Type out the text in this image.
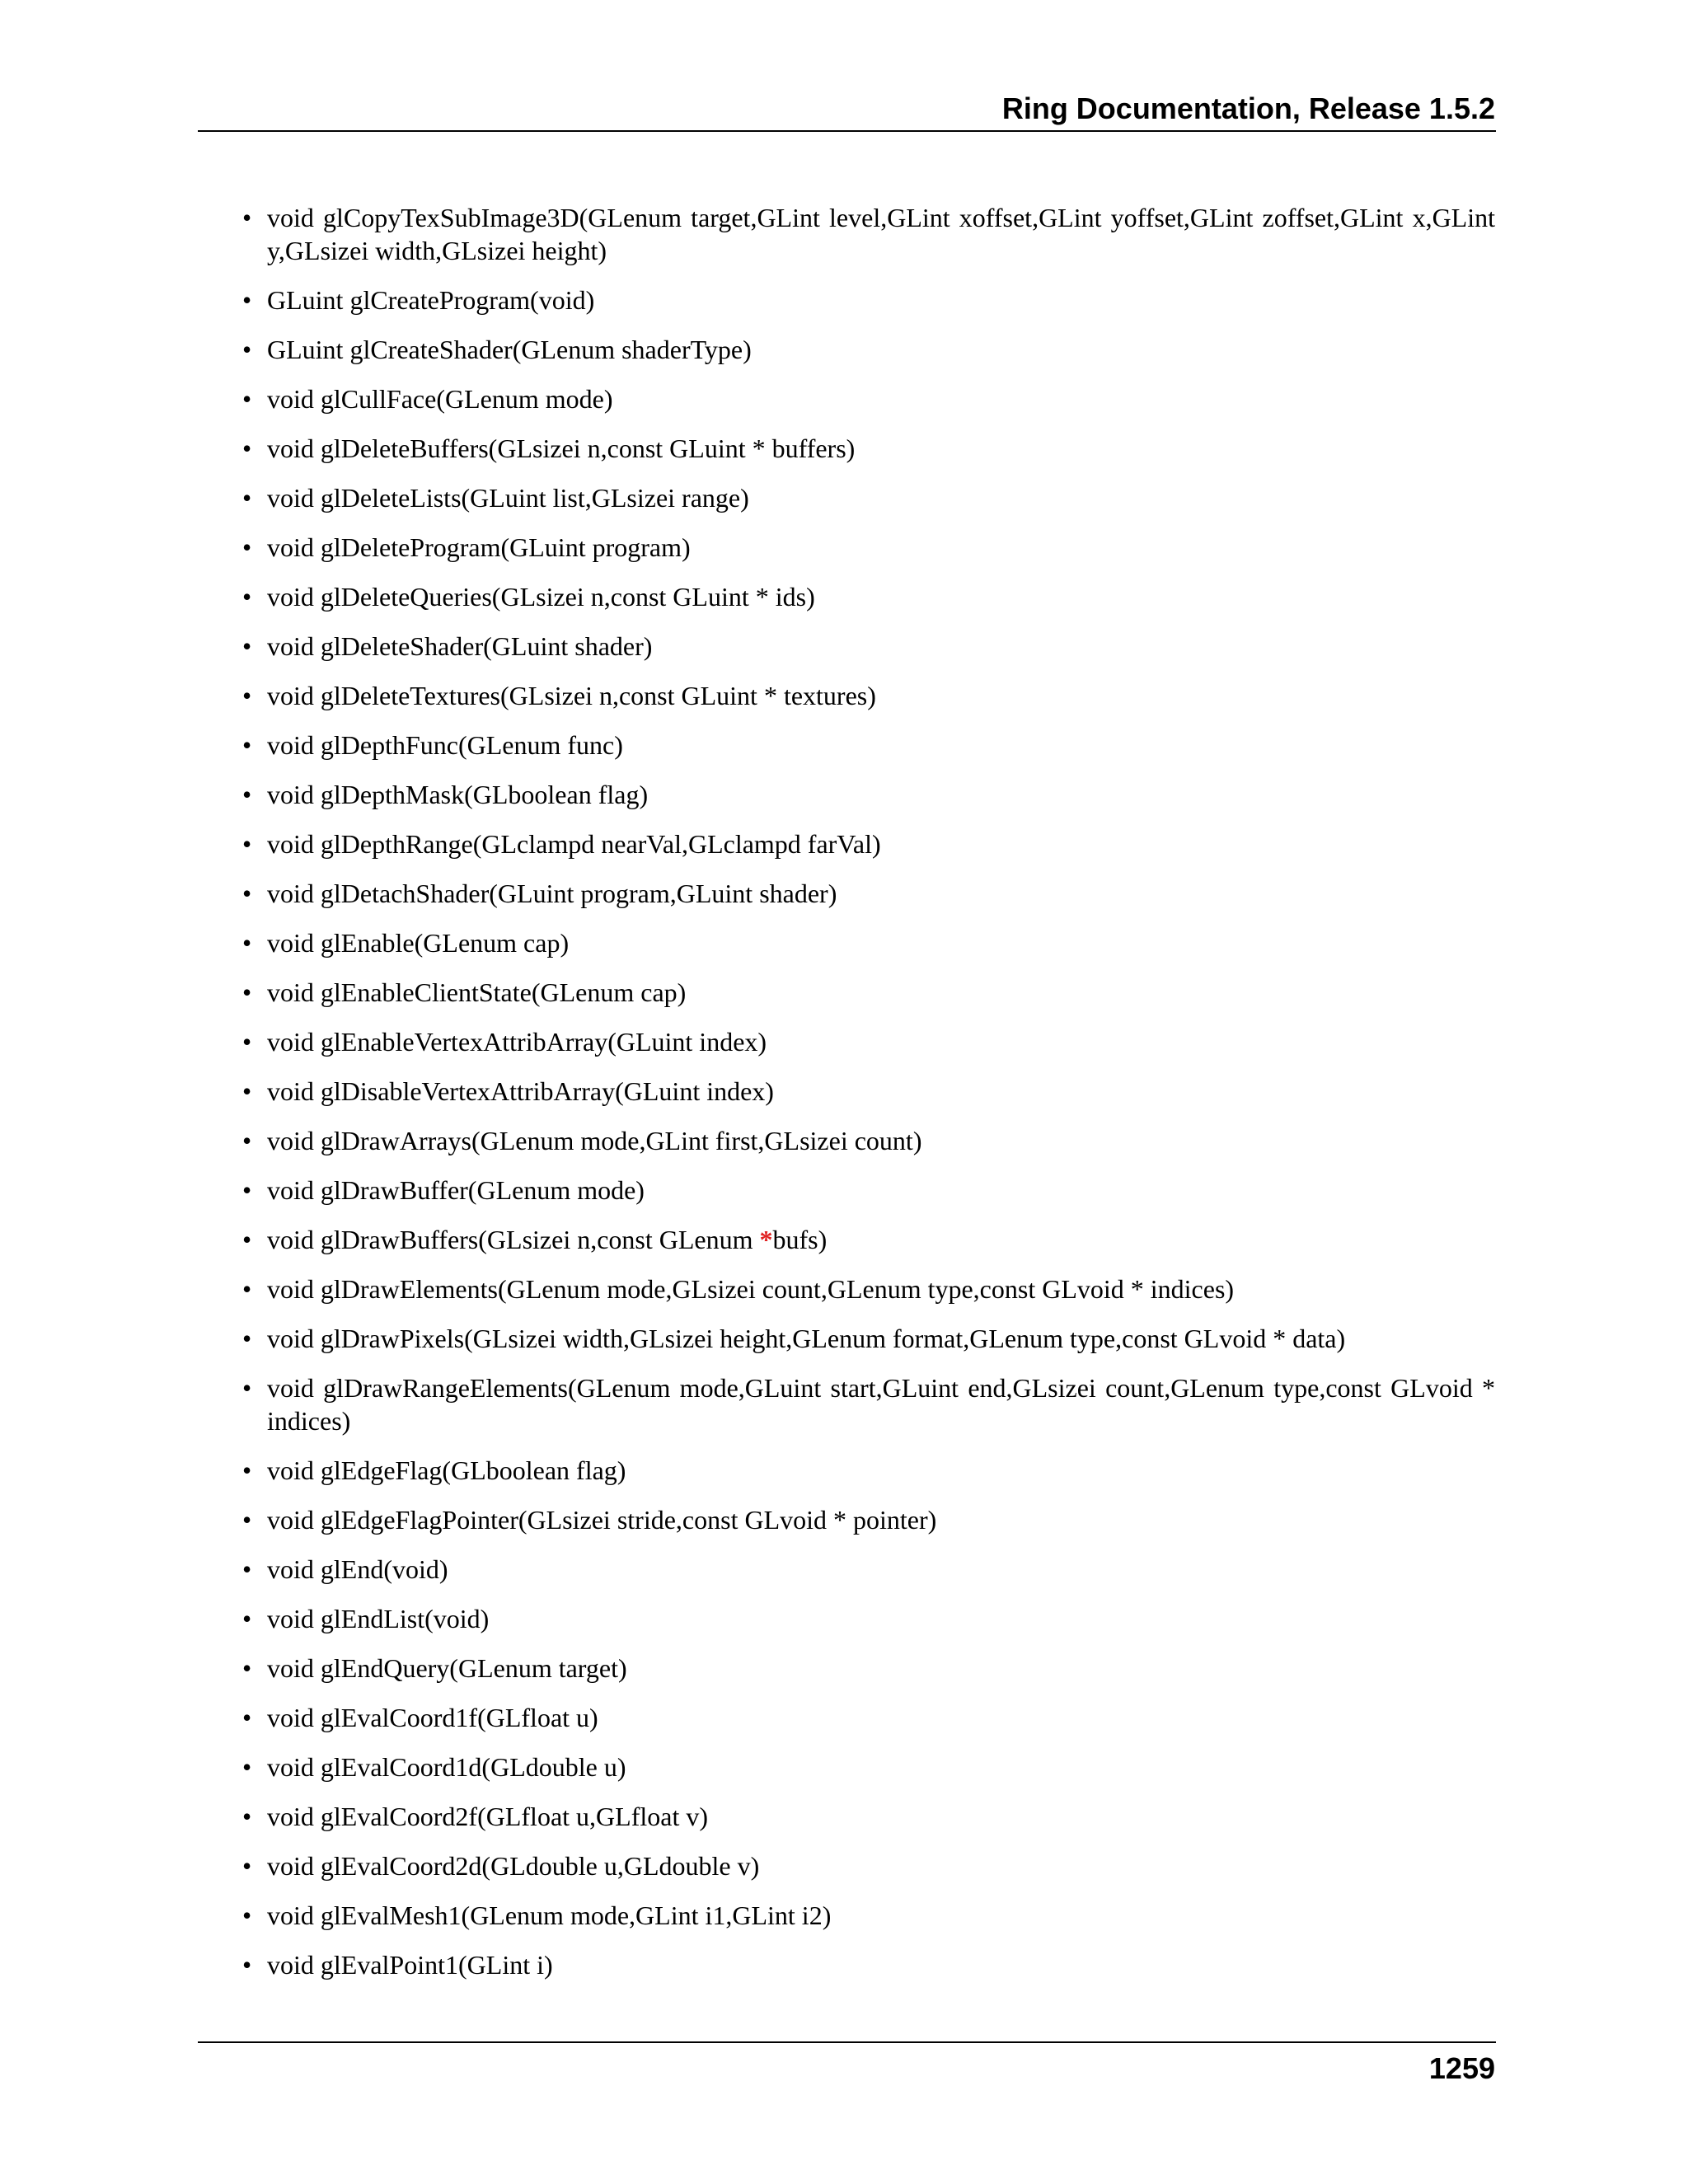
Ring Documentation, Release 1.5.2
• void glCopyTexSubImage3D(GLenum target,GLint level,GLint xoffset,GLint yoffset,GLint zoffset,GLint x,GLint y,GLsizei width,GLsizei height)
• GLuint glCreateProgram(void)
• GLuint glCreateShader(GLenum shaderType)
• void glCullFace(GLenum mode)
• void glDeleteBuffers(GLsizei n,const GLuint * buffers)
• void glDeleteLists(GLuint list,GLsizei range)
• void glDeleteProgram(GLuint program)
• void glDeleteQueries(GLsizei n,const GLuint * ids)
• void glDeleteShader(GLuint shader)
• void glDeleteTextures(GLsizei n,const GLuint * textures)
• void glDepthFunc(GLenum func)
• void glDepthMask(GLboolean flag)
• void glDepthRange(GLclampd nearVal,GLclampd farVal)
• void glDetachShader(GLuint program,GLuint shader)
• void glEnable(GLenum cap)
• void glEnableClientState(GLenum cap)
• void glEnableVertexAttribArray(GLuint index)
• void glDisableVertexAttribArray(GLuint index)
• void glDrawArrays(GLenum mode,GLint first,GLsizei count)
• void glDrawBuffer(GLenum mode)
• void glDrawBuffers(GLsizei n,const GLenum *bufs)
• void glDrawElements(GLenum mode,GLsizei count,GLenum type,const GLvoid * indices)
• void glDrawPixels(GLsizei width,GLsizei height,GLenum format,GLenum type,const GLvoid * data)
• void glDrawRangeElements(GLenum mode,GLuint start,GLuint end,GLsizei count,GLenum type,const GLvoid * indices)
• void glEdgeFlag(GLboolean flag)
• void glEdgeFlagPointer(GLsizei stride,const GLvoid * pointer)
• void glEnd(void)
• void glEndList(void)
• void glEndQuery(GLenum target)
• void glEvalCoord1f(GLfloat u)
• void glEvalCoord1d(GLdouble u)
• void glEvalCoord2f(GLfloat u,GLfloat v)
• void glEvalCoord2d(GLdouble u,GLdouble v)
• void glEvalMesh1(GLenum mode,GLint i1,GLint i2)
• void glEvalPoint1(GLint i)
1259
